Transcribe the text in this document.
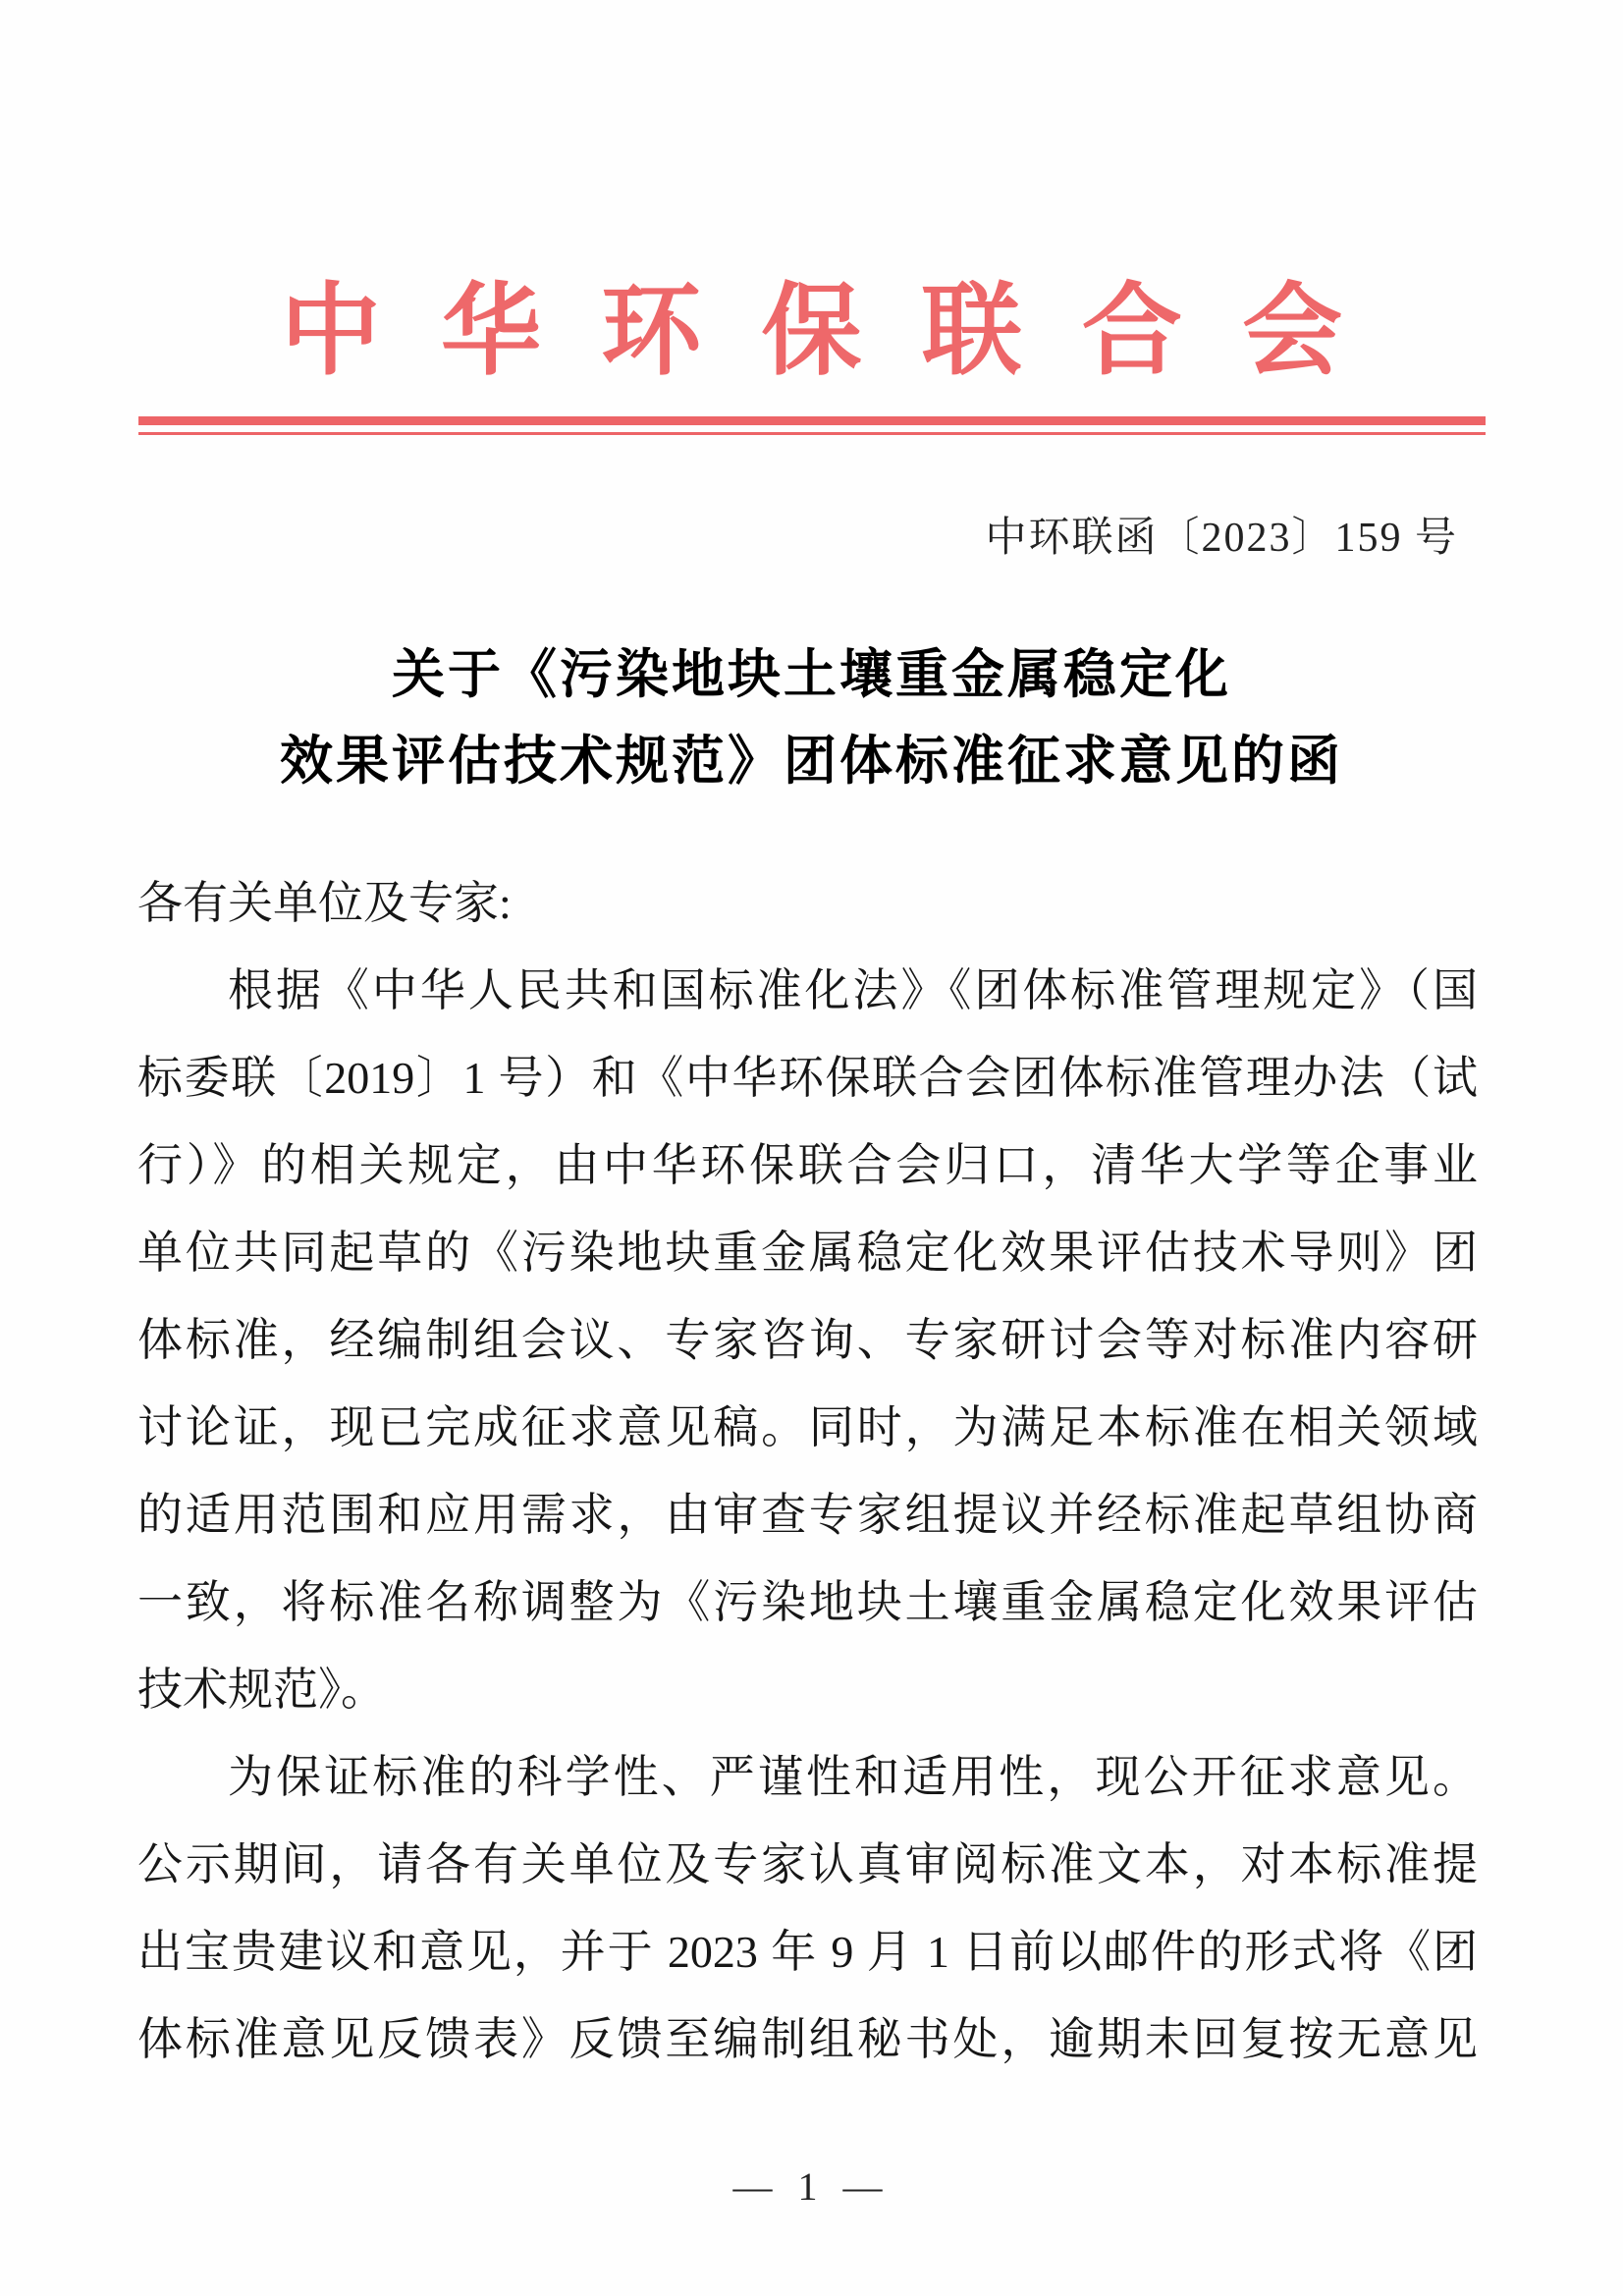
中华环保联合会
中环联函〔2023〕159 号
关于《污染地块土壤重金属稳定化
效果评估技术规范》团体标准征求意见的函
各有关单位及专家:
根据《中华人民共和国标准化法》《团体标准管理规定》（国
标委联〔2019〕1 号）和《中华环保联合会团体标准管理办法（试
行）》的相关规定，由中华环保联合会归口，清华大学等企事业
单位共同起草的《污染地块重金属稳定化效果评估技术导则》团
体标准，经编制组会议、专家咨询、专家研讨会等对标准内容研
讨论证，现已完成征求意见稿。同时，为满足本标准在相关领域
的适用范围和应用需求，由审查专家组提议并经标准起草组协商
一致，将标准名称调整为《污染地块土壤重金属稳定化效果评估
技术规范》。
为保证标准的科学性、严谨性和适用性，现公开征求意见。
公示期间，请各有关单位及专家认真审阅标准文本，对本标准提
出宝贵建议和意见，并于 2023 年 9 月 1 日前以邮件的形式将《团
体标准意见反馈表》反馈至编制组秘书处，逾期未回复按无意见
— 1 —
